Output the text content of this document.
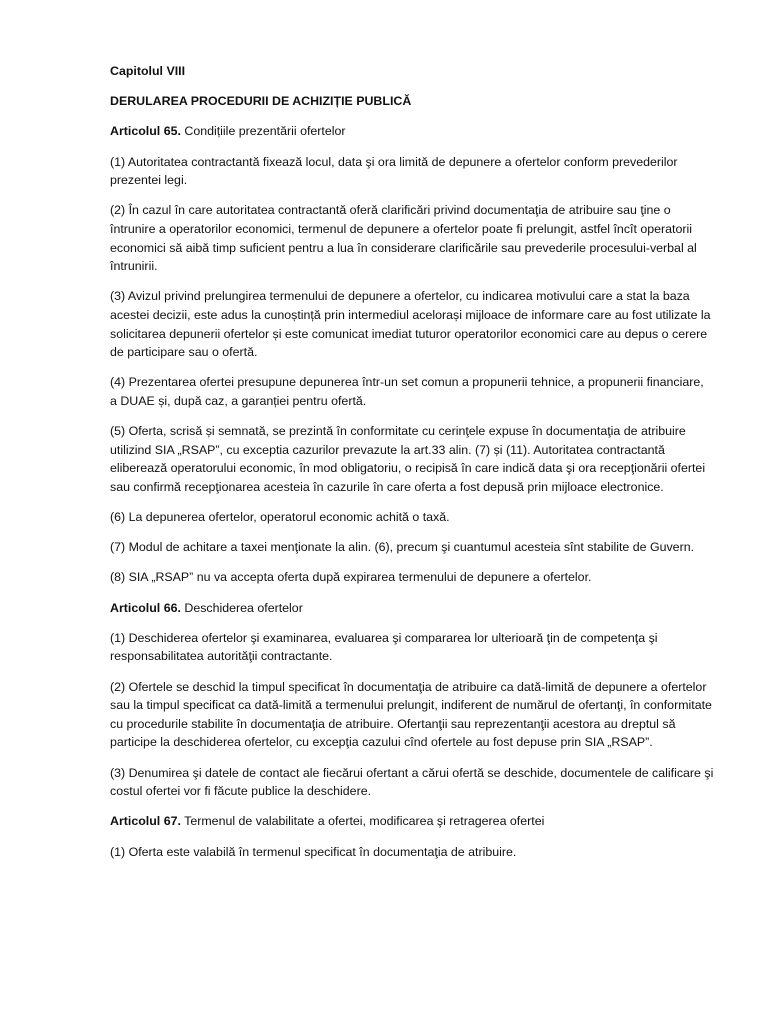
Capitolul VIII
DERULAREA PROCEDURII DE ACHIZIȚIE PUBLICĂ
Articolul 65. Condițiile prezentării ofertelor
(1) Autoritatea contractantă fixează locul, data şi ora limită de depunere a ofertelor conform prevederilor prezentei legi.
(2) În cazul în care autoritatea contractantă oferă clarificări privind documentaţia de atribuire sau ţine o întrunire a operatorilor economici, termenul de depunere a ofertelor poate fi prelungit, astfel încît operatorii economici să aibă timp suficient pentru a lua în considerare clarificările sau prevederile procesului-verbal al întrunirii.
(3) Avizul privind prelungirea termenului de depunere a ofertelor, cu indicarea motivului care a stat la baza acestei decizii, este adus la cunoștință prin intermediul acelorași mijloace de informare care au fost utilizate la solicitarea depunerii ofertelor și este comunicat imediat tuturor operatorilor economici care au depus o cerere de participare sau o ofertă.
(4) Prezentarea ofertei presupune depunerea într-un set comun a propunerii tehnice, a propunerii financiare, a DUAE și, după caz, a garanției pentru ofertă.
(5) Oferta, scrisă și semnată, se prezintă în conformitate cu cerinţele expuse în documentaţia de atribuire utilizind SIA „RSAP”, cu exceptia cazurilor prevazute la art.33 alin. (7) și (11). Autoritatea contractantă eliberează operatorului economic, în mod obligatoriu, o recipisă în care indică data şi ora recepţionării ofertei sau confirmă recepţionarea acesteia în cazurile în care oferta a fost depusă prin mijloace electronice.
(6) La depunerea ofertelor, operatorul economic achită o taxă.
(7) Modul de achitare a taxei menţionate la alin. (6), precum şi cuantumul acesteia sînt stabilite de Guvern.
(8) SIA „RSAP” nu va accepta oferta după expirarea termenului de depunere a ofertelor.
Articolul 66. Deschiderea ofertelor
(1) Deschiderea ofertelor şi examinarea, evaluarea şi compararea lor ulterioară ţin de competenţa şi responsabilitatea autorităţii contractante.
(2) Ofertele se deschid la timpul specificat în documentaţia de atribuire ca dată-limită de depunere a ofertelor sau la timpul specificat ca dată-limită a termenului prelungit, indiferent de numărul de ofertanţi, în conformitate cu procedurile stabilite în documentaţia de atribuire. Ofertanţii sau reprezentanţii acestora au dreptul să participe la deschiderea ofertelor, cu excepţia cazului cînd ofertele au fost depuse prin SIA „RSAP”.
(3) Denumirea şi datele de contact ale fiecărui ofertant a cărui ofertă se deschide, documentele de calificare şi costul ofertei vor fi făcute publice la deschidere.
Articolul 67. Termenul de valabilitate a ofertei, modificarea şi retragerea ofertei
(1) Oferta este valabilă în termenul specificat în documentaţia de atribuire.
